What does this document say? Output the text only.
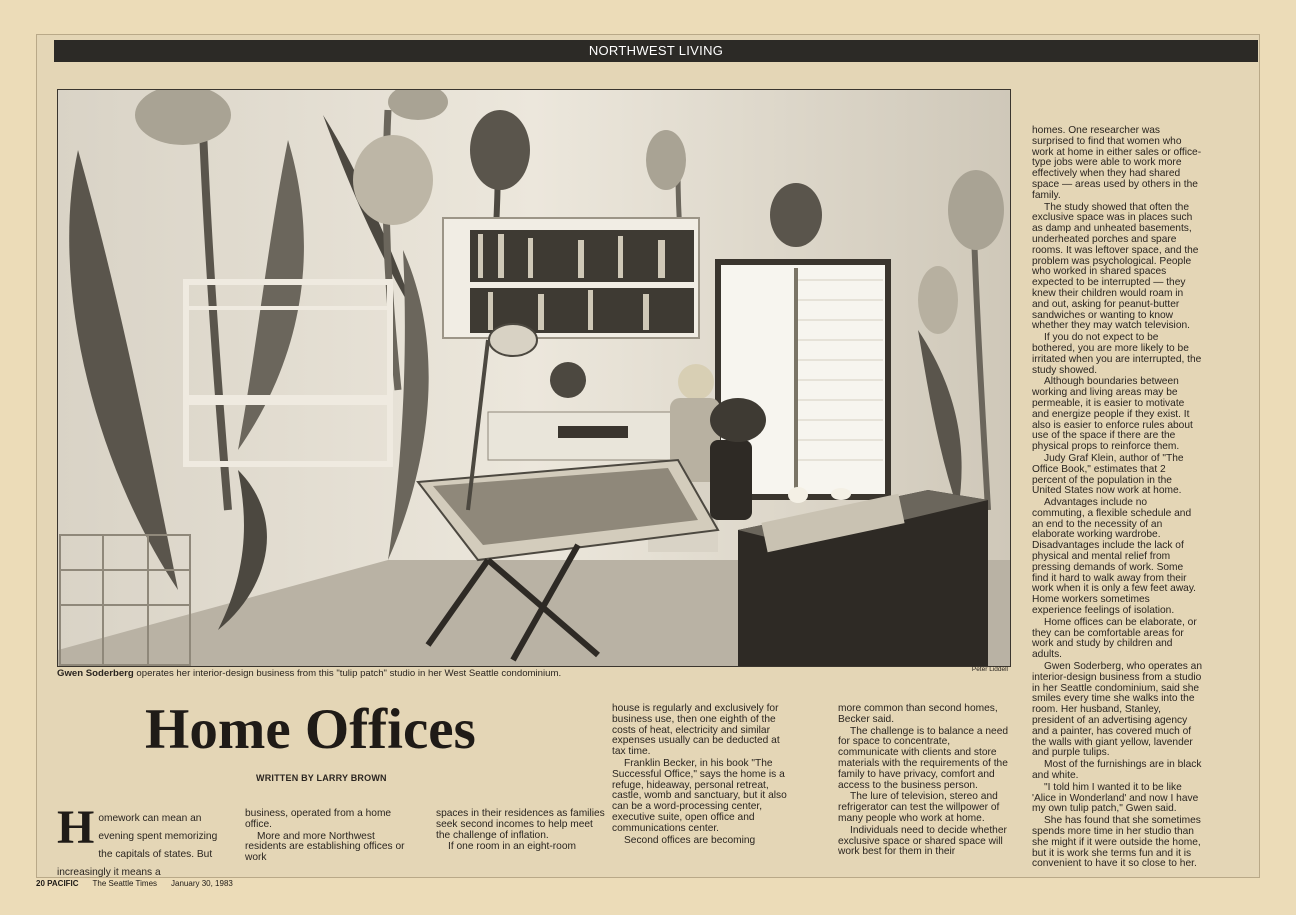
NORTHWEST LIVING
Gwen Soderberg operates her interior-design business from this "tulip patch" studio in her West Seattle condominium.	Peter Liddell
Home Offices
WRITTEN BY LARRY BROWN
H omework can mean an evening spent memorizing the capitals of states. But increasingly it means a

business, operated from a home office.

More and more Northwest residents are establishing offices or work

spaces in their residences as families seek second incomes to help meet the challenge of inflation.

If one room in an eight-room

house is regularly and exclusively for business use, then one eighth of the costs of heat, electricity and similar expenses usually can be deducted at tax time.

Franklin Becker, in his book "The Successful Office," says the home is a refuge, hideaway, personal retreat, castle, womb and sanctuary, but it also can be a word-processing center, executive suite, open office and communications center.

Second offices are becoming

more common than second homes, Becker said.

The challenge is to balance a need for space to concentrate, communicate with clients and store materials with the requirements of the family to have privacy, comfort and access to the business person.

The lure of television, stereo and refrigerator can test the willpower of many people who work at home.

Individuals need to decide whether exclusive space or shared space will work best for them in their

homes. One researcher was surprised to find that women who work at home in either sales or office-type jobs were able to work more effectively when they had shared space — areas used by others in the family.

The study showed that often the exclusive space was in places such as damp and unheated basements, underheated porches and spare rooms. It was leftover space, and the problem was psychological. People who worked in shared spaces expected to be interrupted — they knew their children would roam in and out, asking for peanut-butter sandwiches or wanting to know whether they may watch television.

If you do not expect to be bothered, you are more likely to be irritated when you are interrupted, the study showed.

Although boundaries between working and living areas may be permeable, it is easier to motivate and energize people if they exist. It also is easier to enforce rules about use of the space if there are the physical props to reinforce them.

Judy Graf Klein, author of "The Office Book," estimates that 2 percent of the population in the United States now work at home.

Advantages include no commuting, a flexible schedule and an end to the necessity of an elaborate working wardrobe. Disadvantages include the lack of physical and mental relief from pressing demands of work. Some find it hard to walk away from their work when it is only a few feet away. Home workers sometimes experience feelings of isolation.

Home offices can be elaborate, or they can be comfortable areas for work and study by children and adults.

Gwen Soderberg, who operates an interior-design business from a studio in her Seattle condominium, said she smiles every time she walks into the room. Her husband, Stanley, president of an advertising agency and a painter, has covered much of the walls with giant yellow, lavender and purple tulips.

Most of the furnishings are in black and white.

"I told him I wanted it to be like 'Alice in Wonderland' and now I have my own tulip patch," Gwen said.

She has found that she sometimes spends more time in her studio than she might if it were outside the home, but it is work she terms fun and it is convenient to have it so close to her.

20 PACIFIC The Seattle Times January 30, 1983
